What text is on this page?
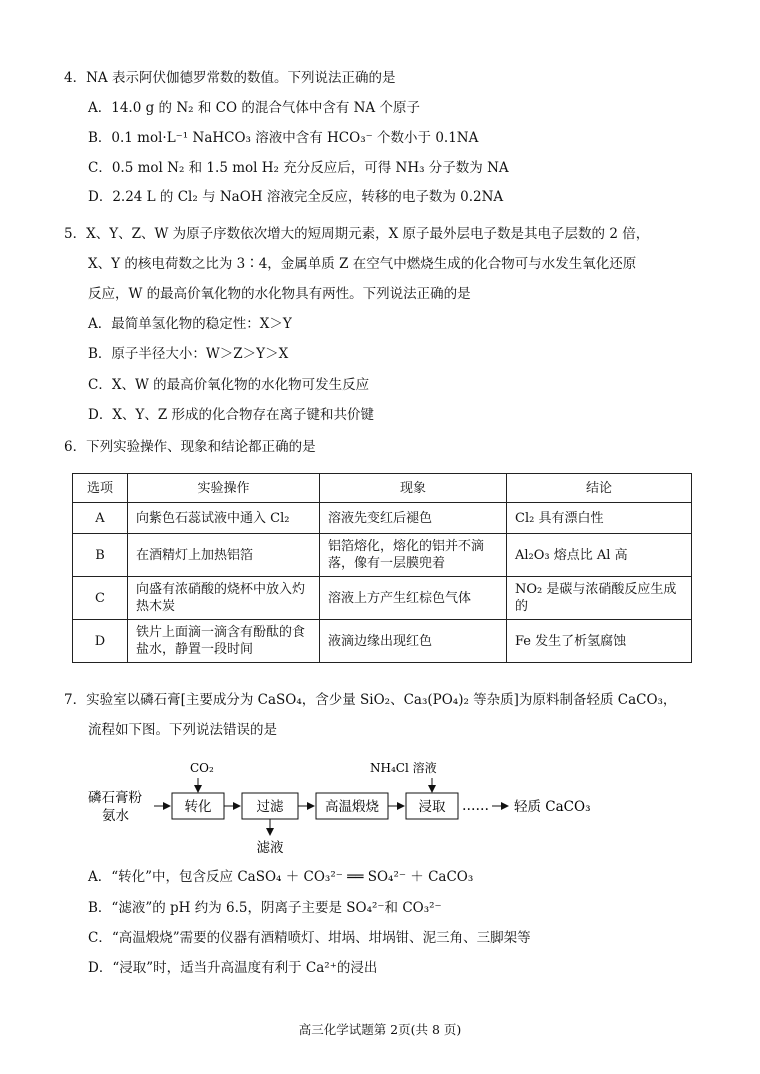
4．NA 表示阿伏伽德罗常数的数值。下列说法正确的是
A．14.0 g 的 N₂ 和 CO 的混合气体中含有 NA 个原子
B．0.1 mol·L⁻¹ NaHCO₃ 溶液中含有 HCO₃⁻ 个数小于 0.1NA
C．0.5 mol N₂ 和 1.5 mol H₂ 充分反应后，可得 NH₃ 分子数为 NA
D．2.24 L 的 Cl₂ 与 NaOH 溶液完全反应，转移的电子数为 0.2NA
5．X、Y、Z、W 为原子序数依次增大的短周期元素，X 原子最外层电子数是其电子层数的 2 倍，
X、Y 的核电荷数之比为 3∶4，金属单质 Z 在空气中燃烧生成的化合物可与水发生氧化还原
反应，W 的最高价氧化物的水化物具有两性。下列说法正确的是
A．最简单氢化物的稳定性：X＞Y
B．原子半径大小：W＞Z＞Y＞X
C．X、W 的最高价氧化物的水化物可发生反应
D．X、Y、Z 形成的化合物存在离子键和共价键
6．下列实验操作、现象和结论都正确的是
选项	实验操作	现象	结论
A	向紫色石蕊试液中通入 Cl₂	溶液先变红后褪色	Cl₂ 具有漂白性
B	在酒精灯上加热铝箔	铝箔熔化，熔化的铝并不滴落，像有一层膜兜着	Al₂O₃ 熔点比 Al 高
C	向盛有浓硝酸的烧杯中放入灼热木炭	溶液上方产生红棕色气体	NO₂ 是碳与浓硝酸反应生成的
D	铁片上面滴一滴含有酚酞的食盐水，静置一段时间	液滴边缘出现红色	Fe 发生了析氢腐蚀
7．实验室以磷石膏[主要成分为 CaSO₄，含少量 SiO₂、Ca₃(PO₄)₂ 等杂质]为原料制备轻质 CaCO₃，
流程如下图。下列说法错误的是
磷石膏粉
氨水
CO₂
转化	过滤
滤液
高温煅烧
NH₄Cl 溶液
浸取 …… 轻质 CaCO₃
A．“转化”中，包含反应 CaSO₄ ＋ CO₃²⁻ ══ SO₄²⁻ ＋ CaCO₃
B．“滤液”的 pH 约为 6.5，阴离子主要是 SO₄²⁻和 CO₃²⁻
C．“高温煅烧”需要的仪器有酒精喷灯、坩埚、坩埚钳、泥三角、三脚架等
D．“浸取”时，适当升高温度有利于 Ca²⁺的浸出
高三化学试题第 2页(共 8 页)
